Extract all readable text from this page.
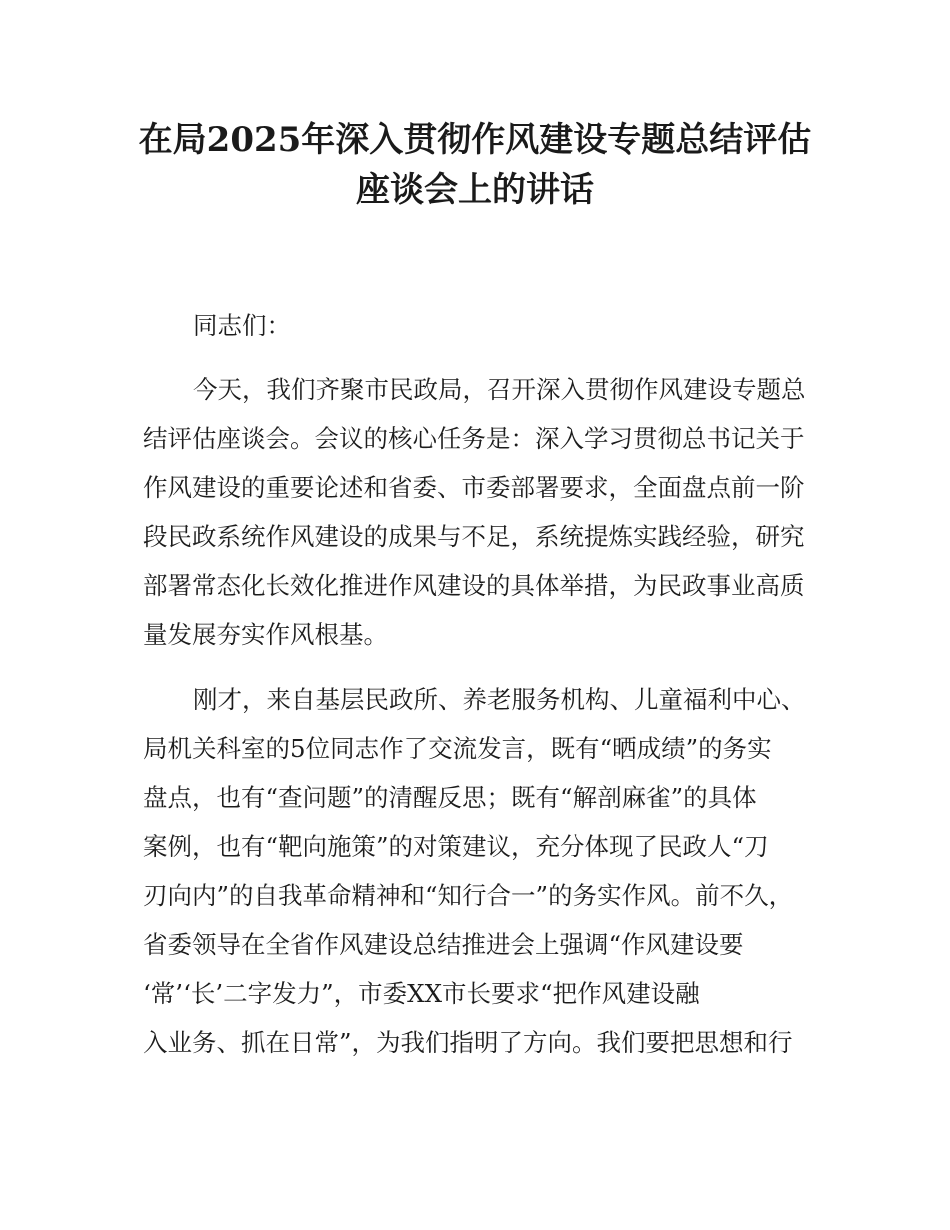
在局2025年深入贯彻作风建设专题总结评估
座谈会上的讲话

同志们：

今天，我们齐聚市民政局，召开深入贯彻作风建设专题总

结评估座谈会。会议的核心任务是：深入学习贯彻总书记关于

作风建设的重要论述和省委、市委部署要求，全面盘点前一阶

段民政系统作风建设的成果与不足，系统提炼实践经验，研究

部署常态化长效化推进作风建设的具体举措，为民政事业高质

量发展夯实作风根基。

刚才，来自基层民政所、养老服务机构、儿童福利中心、

局机关科室的5位同志作了交流发言，既有“晒成绩”的务实

盘点，也有“查问题”的清醒反思；既有“解剖麻雀”的具体

案例，也有“靶向施策”的对策建议，充分体现了民政人“刀

刃向内”的自我革命精神和“知行合一”的务实作风。前不久，

省委领导在全省作风建设总结推进会上强调“作风建设要

‘常’‘长’二字发力”，市委XX市长要求“把作风建设融

入业务、抓在日常”，为我们指明了方向。我们要把思想和行
